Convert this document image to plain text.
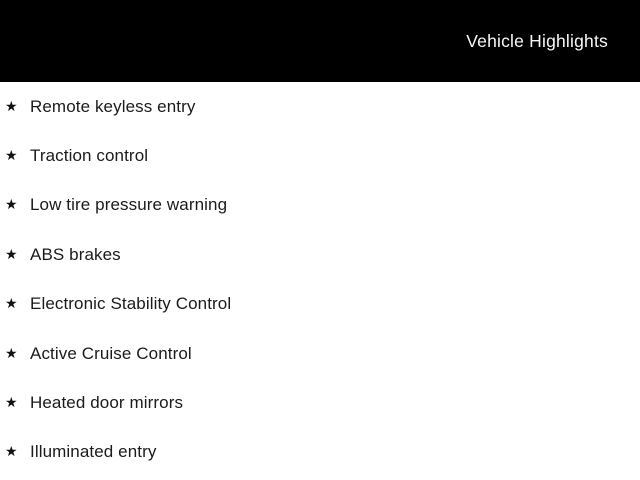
Vehicle Highlights
★ Remote keyless entry
★ Traction control
★ Low tire pressure warning
★ ABS brakes
★ Electronic Stability Control
★ Active Cruise Control
★ Heated door mirrors
★ Illuminated entry
